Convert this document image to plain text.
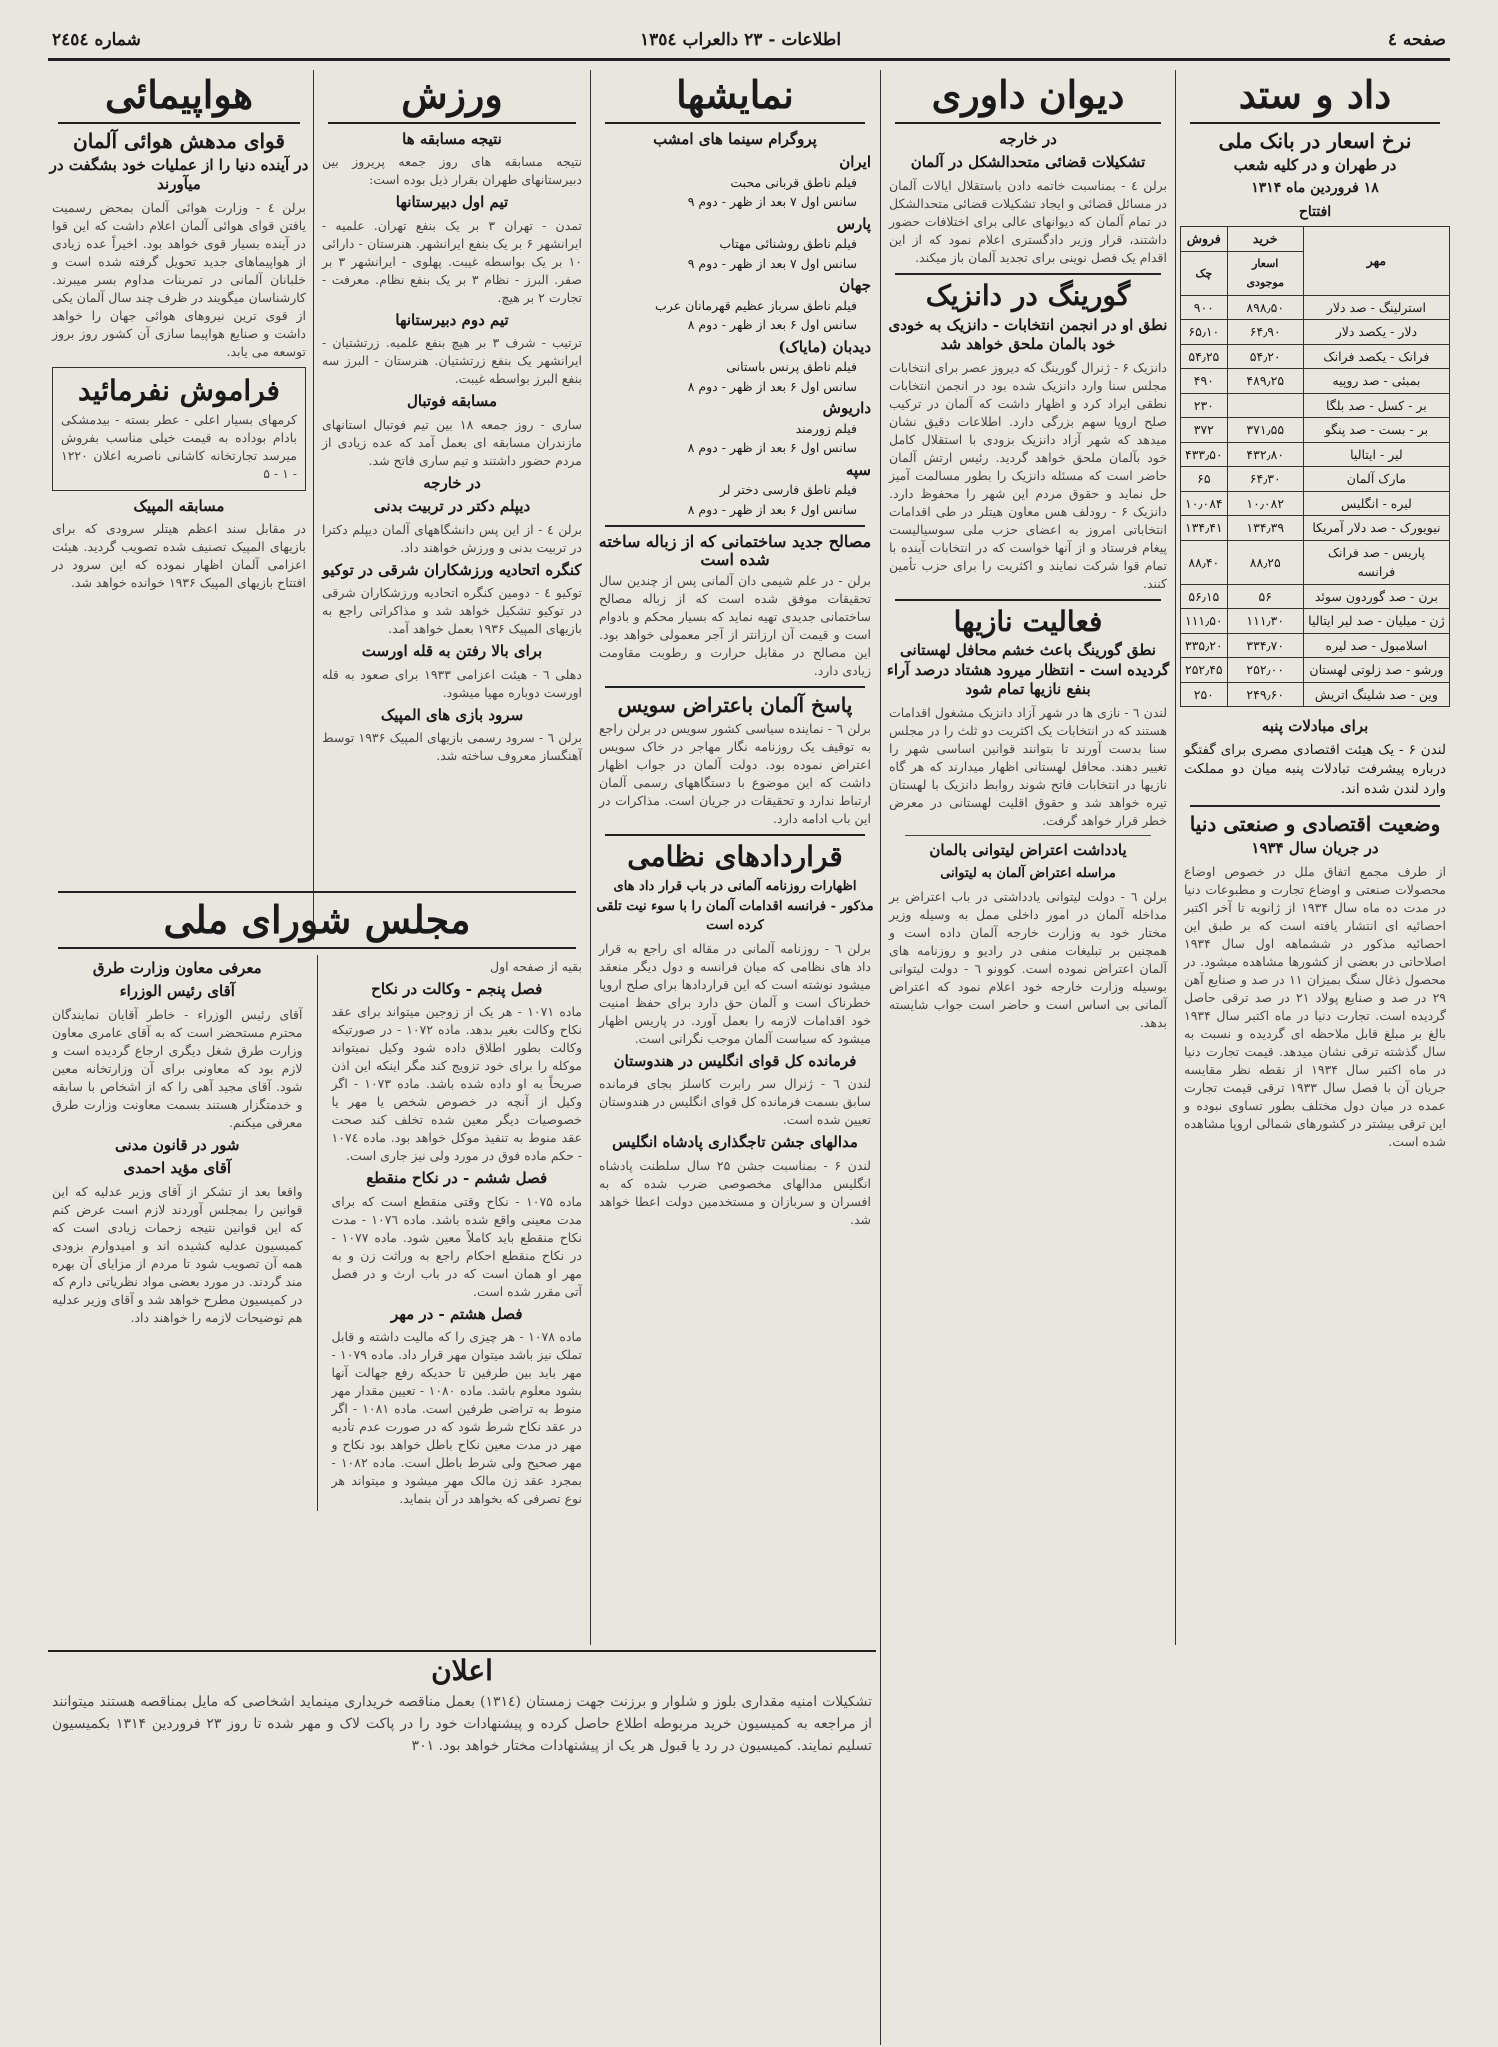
صفحه ٤
اطلاعات - ٢٣ دالعراب ١٣٥٤
شماره ٢٤٥٤
داد و ستد
نرخ اسعار در بانک ملی
در طهران و در کلیه شعب
۱۸ فروردین ماه ۱۳۱۴
افتتاح
مهر	خرید	فروش
	اسعار موجودی	چک
استرلینگ - صد دلار	۸۹۸٫۵۰	۹۰۰
دلار - یکصد دلار	۶۴٫۹۰	۶۵٫۱۰
فرانک - یکصد فرانک	۵۴٫۲۰	۵۴٫۲۵
بمبئی - صد روپیه	۴۸۹٫۲۵	۴۹۰
بر - کسل - صد بلگا		۲۳۰
بر - بست - صد پنگو	۳۷۱٫۵۵	۳۷۲
لیر - ایتالیا	۴۳۲٫۸۰	۴۳۳٫۵۰
مارک آلمان	۶۴٫۳۰	۶۵
لیره - انگلیس	۱۰٫۰۸۲	۱۰٫۰۸۴
نیویورک - صد دلار آمریکا	۱۳۴٫۳۹	۱۳۴٫۴۱
پاریس - صد فرانک فرانسه	۸۸٫۲۵	۸۸٫۴۰
برن - صد گوردون سوئد	۵۶	۵۶٫۱۵
ژن - میلیان - صد لیر ایتالیا	۱۱۱٫۳۰	۱۱۱٫۵۰
اسلامبول - صد لیره	۳۳۴٫۷۰	۳۳۵٫۲۰
ورشو - صد زلوتی لهستان	۲۵۲٫۰۰	۲۵۲٫۴۵
وین - صد شلینگ اتریش	۲۴۹٫۶۰	۲۵۰
برای مبادلات پنبه

لندن ۶ - یک هیئت اقتصادی مصری برای گفتگو درباره پیشرفت تبادلات پنبه میان دو مملکت وارد لندن شده اند.

وضعیت اقتصادی و صنعتی دنیا
در جریان سال ۱۹۳۴

از طرف مجمع اتفاق ملل در خصوص اوضاع محصولات صنعتی و اوضاع تجارت و مطبوعات دنیا در مدت ده ماه سال ۱۹۳۴ از ژانویه تا آخر اکتبر احصائیه ای انتشار یافته است که بر طبق این احصائیه مذکور در ششماهه اول سال ۱۹۳۴ اصلاحاتی در بعضی از کشورها مشاهده میشود. در محصول ذغال سنگ بمیزان ۱۱ در صد و صنایع آهن ۲۹ در صد و صنایع پولاد ۲۱ در صد ترقی حاصل گردیده است. تجارت دنیا در ماه اکتبر سال ۱۹۳۴ بالغ بر مبلغ قابل ملاحظه ای گردیده و نسبت به سال گذشته ترقی نشان میدهد. قیمت تجارت دنیا در ماه اکتبر سال ۱۹۳۴ از نقطه نظر مقایسه جریان آن با فصل سال ۱۹۳۳ ترقی قیمت تجارت عمده در میان دول مختلف بطور تساوی نبوده و این ترقی بیشتر در کشورهای شمالی اروپا مشاهده شده است.

دیوان داوری
در خارجه
تشکیلات قضائی متحدالشکل در آلمان

برلن ٤ - بمناسبت خاتمه دادن باستقلال ایالات آلمان در مسائل قضائی و ایجاد تشکیلات قضائی متحدالشکل در تمام آلمان که دیوانهای عالی برای اختلافات حضور داشتند، قرار وزیر دادگستری اعلام نمود که از این اقدام یک فصل نوینی برای تجدید آلمان باز میکند.

گورینگ در دانزیک
نطق او در انجمن انتخابات - دانزیک به خودی خود بالمان ملحق خواهد شد

دانزیک ۶ - ژنرال گورینگ که دیروز عصر برای انتخابات مجلس سنا وارد دانزیک شده بود در انجمن انتخابات نطقی ایراد کرد و اظهار داشت که آلمان در ترکیب صلح اروپا سهم بزرگی دارد. اطلاعات دقیق نشان میدهد که شهر آزاد دانزیک بزودی با استقلال کامل خود بآلمان ملحق خواهد گردید. رئیس ارتش آلمان حاضر است که مسئله دانزیک را بطور مسالمت آمیز حل نماید و حقوق مردم این شهر را محفوظ دارد. دانزیک ۶ - رودلف هس معاون هیتلر در طی اقدامات انتخاباتی امروز به اعضای حزب ملی سوسیالیست پیغام فرستاد و از آنها خواست که در انتخابات آینده با تمام قوا شرکت نمایند و اکثریت را برای حزب تأمین کنند.

فعالیت نازیها
نطق گورینگ باعث خشم محافل لهستانی گردیده است - انتظار میرود هشتاد درصد آراء بنفع نازیها تمام شود

لندن ٦ - نازی ها در شهر آزاد دانزیک مشغول اقدامات هستند که در انتخابات یک اکثریت دو ثلث را در مجلس سنا بدست آورند تا بتوانند قوانین اساسی شهر را تغییر دهند. محافل لهستانی اظهار میدارند که هر گاه نازیها در انتخابات فاتح شوند روابط دانزیک با لهستان تیره خواهد شد و حقوق اقلیت لهستانی در معرض خطر قرار خواهد گرفت.

یادداشت اعتراض لیتوانی بالمان
مراسله اعتراض آلمان به لیتوانی

برلن ٦ - دولت لیتوانی یادداشتی در باب اعتراض بر مداخله آلمان در امور داخلی ممل به وسیله وزیر مختار خود به وزارت خارجه آلمان داده است و همچنین بر تبلیغات منفی در رادیو و روزنامه های آلمان اعتراض نموده است. کوونو ٦ - دولت لیتوانی بوسیله وزارت خارجه خود اعلام نمود که اعتراض آلمانی بی اساس است و حاضر است جواب شایسته بدهد.

نمایشها
پروگرام سینما های امشب
ایران
فیلم ناطق قربانی محبت
سانس اول ۷ بعد از ظهر - دوم ۹
پارس
فیلم ناطق روشنائی مهتاب
سانس اول ۷ بعد از ظهر - دوم ۹
جهان
فیلم ناطق سرباز عظیم قهرمانان عرب
سانس اول ۶ بعد از ظهر - دوم ۸
دیدبان (مایاک)
فیلم ناطق پرنس باستانی
سانس اول ۶ بعد از ظهر - دوم ۸
داریوش
فیلم زورمند
سانس اول ۶ بعد از ظهر - دوم ۸
سپه
فیلم ناطق فارسی دختر لر
سانس اول ۶ بعد از ظهر - دوم ۸
مصالح جدید ساختمانی که از زباله ساخته شده است

برلن - در علم شیمی دان آلمانی پس از چندین سال تحقیقات موفق شده است که از زباله مصالح ساختمانی جدیدی تهیه نماید که بسیار محکم و بادوام است و قیمت آن ارزانتر از آجر معمولی خواهد بود. این مصالح در مقابل حرارت و رطوبت مقاومت زیادی دارد.

پاسخ آلمان باعتراض سویس

برلن ٦ - نماینده سیاسی کشور سویس در برلن راجع به توقیف یک روزنامه نگار مهاجر در خاک سویس اعتراض نموده بود. دولت آلمان در جواب اظهار داشت که این موضوع با دستگاههای رسمی آلمان ارتباط ندارد و تحقیقات در جریان است. مذاکرات در این باب ادامه دارد.

قراردادهای نظامی
اظهارات روزنامه آلمانی در باب قرار داد های مذکور - فرانسه اقدامات آلمان را با سوء نیت تلقی کرده است

برلن ٦ - روزنامه آلمانی در مقاله ای راجع به قرار داد های نظامی که میان فرانسه و دول دیگر منعقد میشود نوشته است که این قراردادها برای صلح اروپا خطرناک است و آلمان حق دارد برای حفظ امنیت خود اقدامات لازمه را بعمل آورد. در پاریس اظهار میشود که سیاست آلمان موجب نگرانی است.

فرمانده کل قوای انگلیس در هندوستان

لندن ٦ - ژنرال سر رابرت کاسلز بجای فرمانده سابق بسمت فرمانده کل قوای انگلیس در هندوستان تعیین شده است.

مدالهای جشن تاجگذاری پادشاه انگلیس

لندن ۶ - بمناسبت جشن ۲۵ سال سلطنت پادشاه انگلیس مدالهای مخصوصی ضرب شده که به افسران و سربازان و مستخدمین دولت اعطا خواهد شد.

ورزش
نتیجه مسابقه ها

نتیجه مسابقه های روز جمعه پریروز بین دبیرستانهای طهران بقرار ذیل بوده است:

تیم اول دبیرستانها

تمدن - تهران ۳ بر یک بنفع تهران. علمیه - ایرانشهر ۶ بر یک بنفع ایرانشهر. هنرستان - دارائی ۱۰ بر یک بواسطه غیبت. پهلوی - ایرانشهر ۳ بر صفر. البرز - نظام ۳ بر یک بنفع نظام. معرفت - تجارت ۲ بر هیچ.

تیم دوم دبیرستانها

ترتیب - شرف ۳ بر هیچ بنفع علمیه. زرتشتیان - ایرانشهر یک بنفع زرتشتیان. هنرستان - البرز سه بنفع البرز بواسطه غیبت.

مسابقه فوتبال

ساری - روز جمعه ۱۸ بین تیم فوتبال استانهای مازندران مسابقه ای بعمل آمد که عده زیادی از مردم حضور داشتند و تیم ساری فاتح شد.

در خارجه
دیپلم دکتر در تربیت بدنی

برلن ٤ - از این پس دانشگاههای آلمان دیپلم دکترا در تربیت بدنی و ورزش خواهند داد.

کنگره اتحادیه ورزشکاران شرقی در توکیو

توکیو ٤ - دومین کنگره اتحادیه ورزشکاران شرقی در توکیو تشکیل خواهد شد و مذاکراتی راجع به بازیهای المپیک ۱۹۳۶ بعمل خواهد آمد.

برای بالا رفتن به قله اورست

دهلی ٦ - هیئت اعزامی ۱۹۳۳ برای صعود به قله اورست دوباره مهیا میشود.

سرود بازی های المپیک

برلن ٦ - سرود رسمی بازیهای المپیک ۱۹۳۶ توسط آهنگساز معروف ساخته شد.

هواپیمائی
قوای مدهش هوائی آلمان
در آینده دنیا را از عملیات خود بشگفت در میآورند

برلن ٤ - وزارت هوائی آلمان بمحض رسمیت یافتن قوای هوائی آلمان اعلام داشت که این قوا در آینده بسیار قوی خواهد بود. اخیراً عده زیادی از هواپیماهای جدید تحویل گرفته شده است و خلبانان آلمانی در تمرینات مداوم بسر میبرند. کارشناسان میگویند در ظرف چند سال آلمان یکی از قوی ترین نیروهای هوائی جهان را خواهد داشت و صنایع هواپیما سازی آن کشور روز بروز توسعه می یابد.

فراموش نفرمائید

کرمهای بسیار اعلی - عطر بسته - بیدمشکی بادام بوداده به قیمت خیلی مناسب بفروش میرسد تجارتخانه کاشانی ناصریه اعلان ۱۲۲۰ - ۱ - ۵

مسابقه المپیک

در مقابل سند اعظم هیتلر سرودی که برای بازیهای المپیک تصنیف شده تصویب گردید. هیئت اعزامی آلمان اظهار نموده که این سرود در افتتاح بازیهای المپیک ۱۹۳۶ خوانده خواهد شد.

مجلس شورای ملی

بقیه از صفحه اول

فصل پنجم - وکالت در نکاح

ماده ۱۰۷۱ - هر یک از زوجین میتواند برای عقد نکاح وکالت بغیر بدهد. ماده ۱۰۷۲ - در صورتیکه وکالت بطور اطلاق داده شود وکیل نمیتواند موکله را برای خود تزویج کند مگر اینکه این اذن صریحاً به او داده شده باشد. ماده ۱۰۷۳ - اگر وکیل از آنچه در خصوص شخص یا مهر یا خصوصیات دیگر معین شده تخلف کند صحت عقد منوط به تنفیذ موکل خواهد بود. ماده ۱۰۷٤ - حکم ماده فوق در مورد ولی نیز جاری است.

فصل ششم - در نکاح منقطع

ماده ۱۰۷۵ - نکاح وقتی منقطع است که برای مدت معینی واقع شده باشد. ماده ۱۰۷٦ - مدت نکاح منقطع باید کاملاً معین شود. ماده ۱۰۷۷ - در نکاح منقطع احکام راجع به وراثت زن و به مهر او همان است که در باب ارث و در فصل آتی مقرر شده است.

فصل هشتم - در مهر

ماده ۱۰۷۸ - هر چیزی را که مالیت داشته و قابل تملک نیز باشد میتوان مهر قرار داد. ماده ۱۰۷۹ - مهر باید بین طرفین تا حدیکه رفع جهالت آنها بشود معلوم باشد. ماده ۱۰۸۰ - تعیین مقدار مهر منوط به تراضی طرفین است. ماده ۱۰۸۱ - اگر در عقد نکاح شرط شود که در صورت عدم تأدیه مهر در مدت معین نکاح باطل خواهد بود نکاح و مهر صحیح ولی شرط باطل است. ماده ۱۰۸۲ - بمجرد عقد زن مالک مهر میشود و میتواند هر نوع تصرفی که بخواهد در آن بنماید.

معرفی معاون وزارت طرق
آقای رئیس الوزراء

آقای رئیس الوزراء - خاطر آقایان نمایندگان محترم مستحضر است که به آقای عامری معاون وزارت طرق شغل دیگری ارجاع گردیده است و لازم بود که معاونی برای آن وزارتخانه معین شود. آقای مجید آهی را که از اشخاص با سابقه و خدمتگزار هستند بسمت معاونت وزارت طرق معرفی میکنم.

شور در قانون مدنی
آقای مؤید احمدی

واقعا بعد از تشکر از آقای وزیر عدلیه که این قوانین را بمجلس آوردند لازم است عرض کنم که این قوانین نتیجه زحمات زیادی است که کمیسیون عدلیه کشیده اند و امیدوارم بزودی همه آن تصویب شود تا مردم از مزایای آن بهره مند گردند. در مورد بعضی مواد نظریاتی دارم که در کمیسیون مطرح خواهد شد و آقای وزیر عدلیه هم توضیحات لازمه را خواهند داد.

اعلان

تشکیلات امنیه مقداری بلوز و شلوار و برزنت جهت زمستان (۱۳۱٤) بعمل مناقصه خریداری مینماید اشخاصی که مایل بمناقصه هستند میتوانند از مراجعه به کمیسیون خرید مربوطه اطلاع حاصل کرده و پیشنهادات خود را در پاکت لاک و مهر شده تا روز ۲۳ فروردین ۱۳۱۴ بکمیسیون تسلیم نمایند. کمیسیون در رد یا قبول هر یک از پیشنهادات مختار خواهد بود. ۳۰۱
